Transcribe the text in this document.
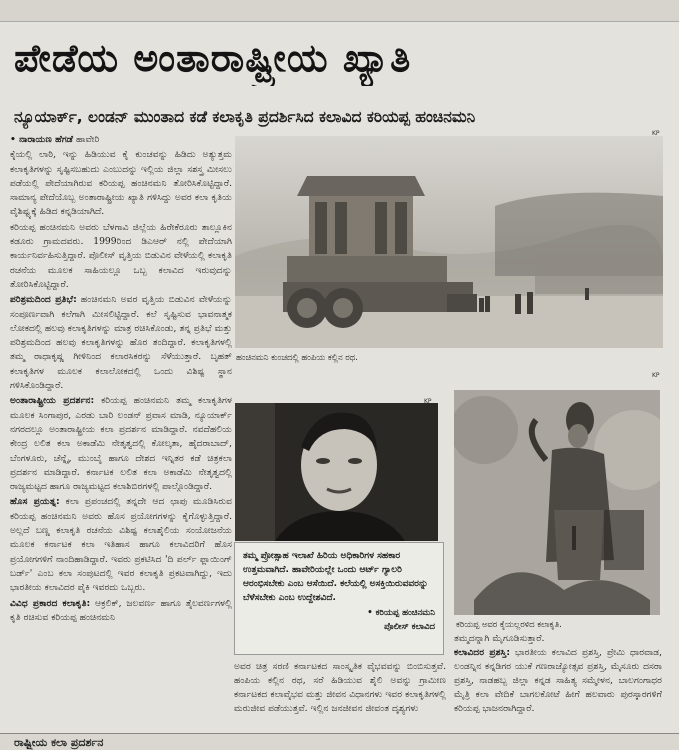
ಪೇಡೆಯ ಅಂತಾರಾಷ್ಟ್ರೀಯ ಖ್ಯಾತಿ
ನ್ಯೂಯಾರ್ಕ್, ಲಂಡನ್ ಮುಂತಾದ ಕಡೆ ಕಲಾಕೃತಿ ಪ್ರದರ್ಶಿಸಿದ ಕಲಾವಿದ ಕರಿಯಪ್ಪ ಹಂಚಿನಮನಿ

• ನಾರಾಯಣ ಹೆಗಡೆ ಹಾವೇರಿ

ಕೈಯಲ್ಲಿ ಲಾಠಿ, ಇನ್ನು ಹಿಡಿಯುವ ಕೈ ಕುಂಚವನ್ನು ಹಿಡಿದು ಅತ್ಯುತ್ತಮ ಕಲಾಕೃತಿಗಳನ್ನು ಸೃಷ್ಟಿಸಬಹುದು ಎಂಬುದನ್ನು ಇಲ್ಲಿಯ ಜಿಲ್ಲಾ ಸಶಸ್ತ್ರ ಮೀಸಲು ಪಡೆಯಲ್ಲಿ ಪೇದೆಯಾಗಿರುವ ಕರಿಯಪ್ಪ ಹಂಚಿನಮನಿ ತೋರಿಸಿಕೊಟ್ಟಿದ್ದಾರೆ. ಸಾಮಾನ್ಯ ಪೇದೆಯೊಬ್ಬ ಅಂತಾರಾಷ್ಟ್ರೀಯ ಖ್ಯಾತಿ ಗಳಿಸಿದ್ದು ಅವರ ಕಲಾ ಕೃತಿಯ ವೈಶಿಷ್ಟ್ಯಕ್ಕೆ ಹಿಡಿದ ಕನ್ನಡಿಯಾಗಿದೆ.

ಕರಿಯಪ್ಪ ಹಂಚಿನಮನಿ ಅವರು ಬೆಳಗಾವಿ ಜಿಲ್ಲೆಯ ಹಿರೇಕೆರೂರು ತಾಲ್ಲೂಕಿನ ಕಡೂರು ಗ್ರಾಮದವರು. 1999ರಿಂದ ಡಿಎಆರ್ ನಲ್ಲಿ ಪೇದೆಯಾಗಿ ಕಾರ್ಯನಿರ್ವಹಿಸುತ್ತಿದ್ದಾರೆ. ಪೊಲೀಸ್ ವೃತ್ತಿಯ ಬಿಡುವಿನ ವೇಳೆಯಲ್ಲಿ ಕಲಾಕೃತಿ ರಚನೆಯ ಮೂಲಕ ಸಾಹಿಯಲ್ಲೂ ಒಬ್ಬ ಕಲಾವಿದ ಇರುವುದನ್ನು ತೋರಿಸಿಕೊಟ್ಟಿದ್ದಾರೆ.

ಪರಿಶ್ರಮದಿಂದ ಪ್ರತಿಭೆ: ಹಂಚಿನಮನಿ ಅವರ ವೃತ್ತಿಯ ಬಿಡುವಿನ ವೇಳೆಯನ್ನು ಸಂಪೂರ್ಣವಾಗಿ ಕಲೆಗಾಗಿ ಮೀಸಲಿಟ್ಟಿದ್ದಾರೆ. ಕಲೆ ಸೃಷ್ಟಿಸುವ ಭಾವನಾತ್ಮಕ ಲೋಕದಲ್ಲಿ ಹಲವು ಕಲಾಕೃತಿಗಳನ್ನು ಮಾತ್ರ ರಚಿಸಿಕೊಂಡು, ತನ್ನ ಪ್ರತಿಭೆ ಮತ್ತು ಪರಿಶ್ರಮದಿಂದ ಹಲವು ಕಲಾಕೃತಿಗಳನ್ನು ಹೊರ ತಂದಿದ್ದಾರೆ. ಕಲಾಕೃತಿಗಳಲ್ಲಿ ತಮ್ಮ ರಾಧಾಕೃಷ್ಣ ಗೀಳಿನಿಂದ ಕಲಾರಸಿಕರನ್ನು ಸೆಳೆಯುತ್ತಾರೆ. ಬೃಹತ್ ಕಲಾಕೃತಿಗಳ ಮೂಲಕ ಕಲಾಲೋಕದಲ್ಲಿ ಒಂದು ವಿಶಿಷ್ಟ ಸ್ಥಾನ ಗಳಿಸಿಕೊಂಡಿದ್ದಾರೆ.

ಅಂತಾರಾಷ್ಟ್ರೀಯ ಪ್ರದರ್ಶನ: ಕರಿಯಪ್ಪ ಹಂಚಿನಮನಿ ತಮ್ಮ ಕಲಾಕೃತಿಗಳ ಮೂಲಕ ಸಿಂಗಾಪುರ, ಎರಡು ಬಾರಿ ಲಂಡನ್ ಪ್ರವಾಸ ಮಾಡಿ, ನ್ಯೂಯಾರ್ಕ್ ನಗರದಲ್ಲೂ ಅಂತಾರಾಷ್ಟ್ರೀಯ ಕಲಾ ಪ್ರದರ್ಶನ ಮಾಡಿದ್ದಾರೆ. ನವದೆಹಲಿಯ ಕೇಂದ್ರ ಲಲಿತ ಕಲಾ ಅಕಾಡೆಮಿ ನೇತೃತ್ವದಲ್ಲಿ ಕೋಲ್ಕತಾ, ಹೈದರಾಬಾದ್, ಬೆಂಗಳೂರು, ಚೆನ್ನೈ, ಮುಂಬೈ ಹಾಗೂ ದೇಶದ ಇನ್ನಿತರ ಕಡೆ ಚಿತ್ರಕಲಾ ಪ್ರದರ್ಶನ ಮಾಡಿದ್ದಾರೆ. ಕರ್ನಾಟಕ ಲಲಿತ ಕಲಾ ಅಕಾಡೆಮಿ ನೇತೃತ್ವದಲ್ಲಿ ರಾಜ್ಯಮಟ್ಟದ ಹಾಗೂ ರಾಜ್ಯಮಟ್ಟದ ಕಲಾಶಿಬಿರಗಳಲ್ಲಿ ಪಾಲ್ಗೊಂಡಿದ್ದಾರೆ.

ಹೊಸ ಪ್ರಯತ್ನ: ಕಲಾ ಪ್ರಪಂಚದಲ್ಲಿ ತನ್ನದೇ ಆದ ಛಾಪು ಮೂಡಿಸಿರುವ ಕರಿಯಪ್ಪ ಹಂಚಿನಮನಿ ಅವರು ಹೊಸ ಪ್ರಯೋಗಗಳನ್ನು ಕೈಗೊಳ್ಳುತ್ತಿದ್ದಾರೆ. ಅಲ್ಲದೆ ಬಣ್ಣ ಕಲಾಕೃತಿ ರಚನೆಯ ವಿಶಿಷ್ಟ ಕಲಾಶೈಲಿಯ ಸಂಯೋಜನೆಯ ಮೂಲಕ ಕರ್ನಾಟಕ ಕಲಾ ಇತಿಹಾಸ ಹಾಗೂ ಕಲಾವಿದರಿಗೆ ಹೊಸ ಪ್ರಯೋಗಗಳಿಗೆ ನಾಂದಿಹಾಡಿದ್ದಾರೆ. ಇವರು ಪ್ರಕಟಿಸಿದ 'ದಿ ಪರ್ಲ್ ಫ್ಲಾಯಿಂಗ್ ಬರ್ಡ್' ಎಂಬ ಕಲಾ ಸಂಪುಟದಲ್ಲಿ ಇವರ ಕಲಾಕೃತಿ ಪ್ರಕಟವಾಗಿದ್ದು, ಇದು ಭಾರತೀಯ ಕಲಾವಿದರ ಪೈಕಿ ಇವರದು ಒಬ್ಬರು.

ವಿವಿಧ ಪ್ರಕಾರದ ಕಲಾಕೃತಿ: ಆಕ್ರಲಿಕ್, ಜಲವರ್ಣ ಹಾಗೂ ತೈಲವರ್ಣಗಳಲ್ಲಿ ಕೃತಿ ರಚಿಸುವ ಕರಿಯಪ್ಪ ಹಂಚಿನಮನಿ

ಹಂಚಿನಮನಿ ಕುಂಚದಲ್ಲಿ ಹಂಪಿಯ ಕಲ್ಲಿನ ರಥ.
ಕರಿಯಪ್ಪ ಅವರ ಕೈಯಲ್ಲರಳಿದ ಕಲಾಕೃತಿ.
KP
KP
KP
ತಮ್ಮ ಪ್ರೋತ್ಸಾಹ ಇಲಾಖೆ ಹಿರಿಯ ಅಧಿಕಾರಿಗಳ ಸಹಕಾರ ಉತ್ತಮವಾಗಿದೆ. ಹಾವೇರಿಯಲ್ಲೇ ಒಂದು ಆರ್ಟ್ ಗ್ಯಾಲರಿ ಆರಂಭಿಸಬೇಕು ಎಂಬ ಆಸೆಯಿದೆ. ಕಲೆಯಲ್ಲಿ ಅಸಕ್ತಿಯಿರುವವರನ್ನು ಬೆಳೆಸಬೇಕು ಎಂಬ ಉದ್ದೇಶವಿದೆ.
• ಕರಿಯಪ್ಪ ಹಂಚಿನಮನಿ
ಪೊಲೀಸ್ ಕಲಾವಿದ
ಅವರ ಚಿತ್ರ ಸರಣಿ ಕರ್ನಾಟಕದ ಸಾಂಸ್ಕೃತಿಕ ವೈಭವವನ್ನು ಬಿಂಬಿಸುತ್ತವೆ. ಹಂಪಿಯ ಕಲ್ಲಿನ ರಥ, ಸರೆ ಹಿಡಿಯುವ ಶೈಲಿ ಅವನ್ನು ಗ್ರಾಮೀಣ ಕರ್ನಾಟಕದ ಕಲಾವೈಭವ ಮತ್ತು ಜೀವನ ವಿಧಾನಗಳು ಇವರ ಕಲಾಕೃತಿಗಳಲ್ಲಿ ಮರುಜೀವ ಪಡೆಯುತ್ತವೆ. ಇಲ್ಲಿನ ಜನಜೀವನ ಜೀವಂತ ದೃಶ್ಯಗಳು

ತಮ್ಮದನ್ನಾಗಿ ಮೈಗೂಡಿಸುತ್ತಾರೆ.

ಕಲಾವಿದರ ಪ್ರಶಸ್ತಿ: ಭಾರತೀಯ ಕಲಾವಿದ ಪ್ರಶಸ್ತಿ, ಪ್ರೇಮಿ ಧಾರವಾಡ, ಲಂಡನ್ನಿನ ಕನ್ನಡಿಗರ ಯುಕೆ ಗಣರಾಜ್ಯೋತ್ಸವ ಪ್ರಶಸ್ತಿ, ಮೈಸೂರು ದಸರಾ ಪ್ರಶಸ್ತಿ, ನಾಡಹಬ್ಬ ಜಿಲ್ಲಾ ಕನ್ನಡ ಸಾಹಿತ್ಯ ಸಮ್ಮೇಳನ, ಬಾಲಗಂಗಾಧರ ಮೈತ್ರಿ ಕಲಾ ವೇದಿಕೆ ಬಾಗಲಕೋಟೆ ಹೀಗೆ ಹಲವಾರು ಪುರಸ್ಕಾರಗಳಿಗೆ ಕರಿಯಪ್ಪ ಭಾಜನರಾಗಿದ್ದಾರೆ.

ರಾಷ್ಟ್ರೀಯ ಕಲಾ ಪ್ರದರ್ಶನ
